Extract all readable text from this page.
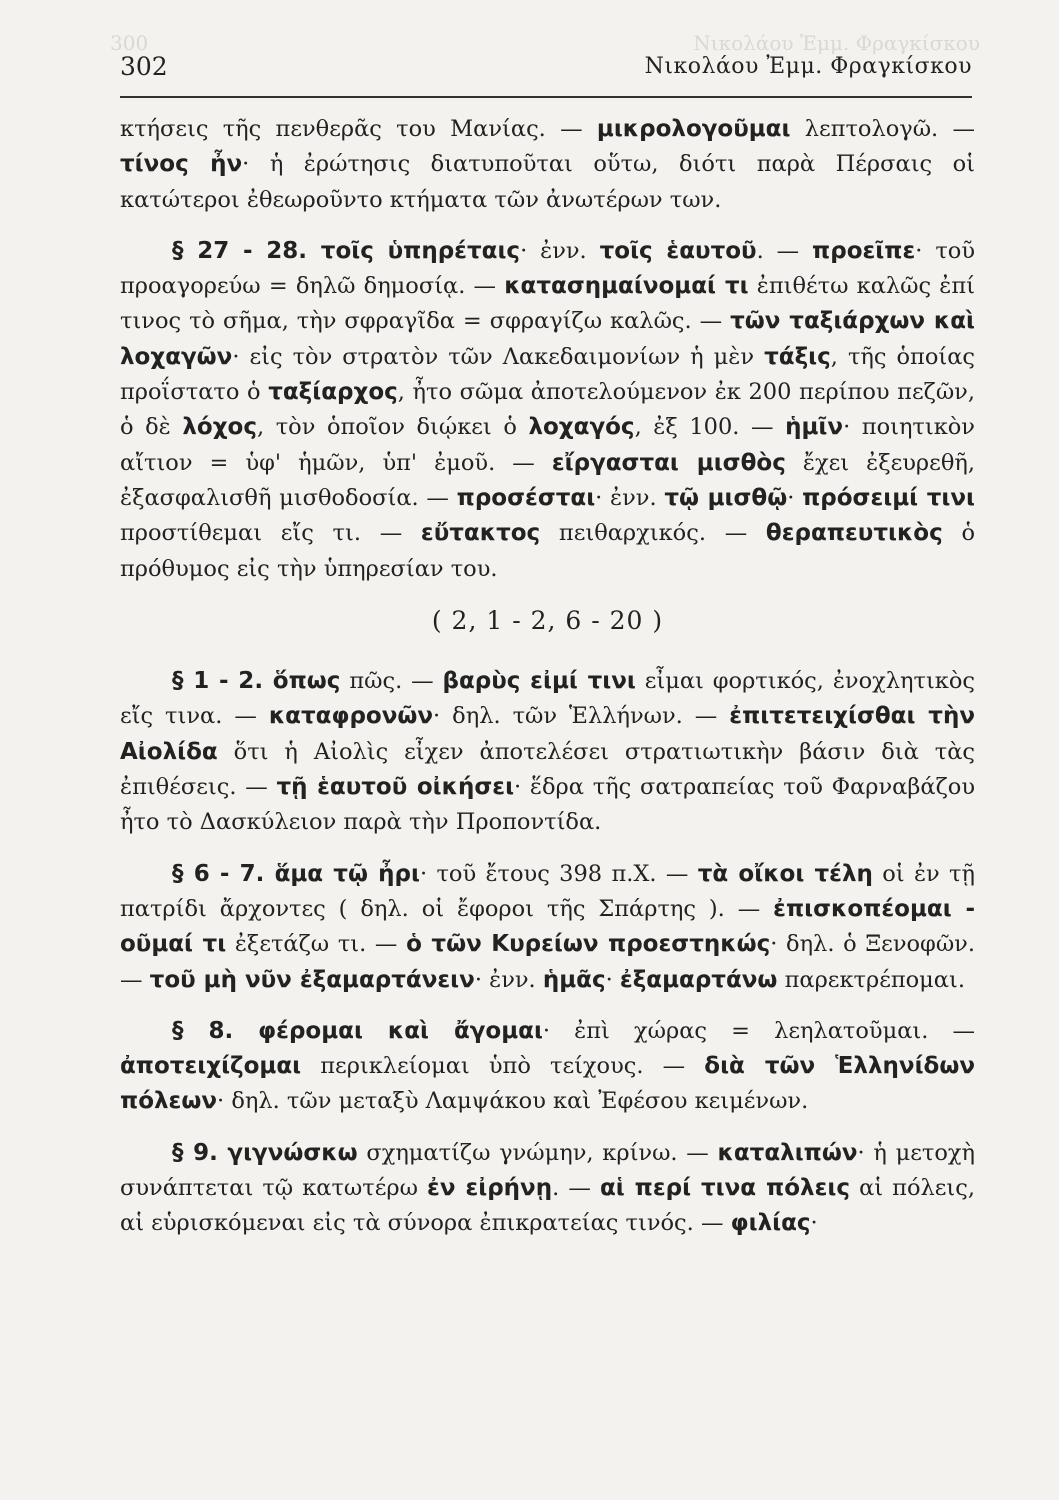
300	Νικολάου Ἐμμ. Φραγκίσκου
302	Νικολάου Ἐμμ. Φραγκίσκου

κτήσεις τῆς πενθερᾶς του Μανίας. — μικρολογοῦμαι λεπτολογῶ. — τίνος ἦν· ἡ ἐρώτησις διατυποῦται οὕτω, διότι παρὰ Πέρσαις οἱ κατώτεροι ἐθεωροῦντο κτήματα τῶν ἀνωτέρων των.

§ 27 - 28. τοῖς ὑπηρέταις· ἐνν. τοῖς ἑαυτοῦ. — προεῖπε· τοῦ προαγορεύω = δηλῶ δημοσίᾳ. — κατασημαίνομαί τι ἐπιθέτω καλῶς ἐπί τινος τὸ σῆμα, τὴν σφραγῖδα = σφραγίζω καλῶς. — τῶν ταξιάρχων καὶ λοχαγῶν· εἰς τὸν στρατὸν τῶν Λακεδαιμονίων ἡ μὲν τάξις, τῆς ὁποίας προΐστατο ὁ ταξίαρχος, ἦτο σῶμα ἀποτελούμενον ἐκ 200 περίπου πεζῶν, ὁ δὲ λόχος, τὸν ὁποῖον διῴκει ὁ λοχαγός, ἐξ 100. — ἡμῖν· ποιητικὸν αἴτιον = ὑφ' ἡμῶν, ὑπ' ἐμοῦ. — εἴργασται μισθὸς ἔχει ἐξευρεθῆ, ἐξασφαλισθῆ μισθοδοσία. — προσέσται· ἐνν. τῷ μισθῷ· πρόσειμί τινι προστίθεμαι εἴς τι. — εὔτακτος πειθαρχικός. — θεραπευτικὸς ὁ πρόθυμος εἰς τὴν ὑπηρεσίαν του.

( 2, 1 - 2, 6 - 20 )

§ 1 - 2. ὅπως πῶς. — βαρὺς εἰμί τινι εἶμαι φορτικός, ἐνοχλητικὸς εἴς τινα. — καταφρονῶν· δηλ. τῶν Ἑλλήνων. — ἐπιτετειχίσθαι τὴν Αἰολίδα ὅτι ἡ Αἰολὶς εἶχεν ἀποτελέσει στρατιωτικὴν βάσιν διὰ τὰς ἐπιθέσεις. — τῇ ἑαυτοῦ οἰκήσει· ἕδρα τῆς σατραπείας τοῦ Φαρναβάζου ἦτο τὸ Δασκύλειον παρὰ τὴν Προποντίδα.

§ 6 - 7. ἅμα τῷ ἦρι· τοῦ ἔτους 398 π.Χ. — τὰ οἴκοι τέλη οἱ ἐν τῇ πατρίδι ἄρχοντες ( δηλ. οἱ ἔφοροι τῆς Σπάρτης ). — ἐπισκοπέομαι - οῦμαί τι ἐξετάζω τι. — ὁ τῶν Κυρείων προεστηκώς· δηλ. ὁ Ξενοφῶν. — τοῦ μὴ νῦν ἐξαμαρτάνειν· ἐνν. ἡμᾶς· ἐξαμαρτάνω παρεκτρέπομαι.

§ 8. φέρομαι καὶ ἄγομαι· ἐπὶ χώρας = λεηλατοῦμαι. — ἀποτειχίζομαι περικλείομαι ὑπὸ τείχους. — διὰ τῶν Ἑλληνίδων πόλεων· δηλ. τῶν μεταξὺ Λαμψάκου καὶ Ἐφέσου κειμένων.

§ 9. γιγνώσκω σχηματίζω γνώμην, κρίνω. — καταλιπών· ἡ μετοχὴ συνάπτεται τῷ κατωτέρω ἐν εἰρήνῃ. — αἱ περί τινα πόλεις αἱ πόλεις, αἱ εὑρισκόμεναι εἰς τὰ σύνορα ἐπικρατείας τινός. — φιλίας·
